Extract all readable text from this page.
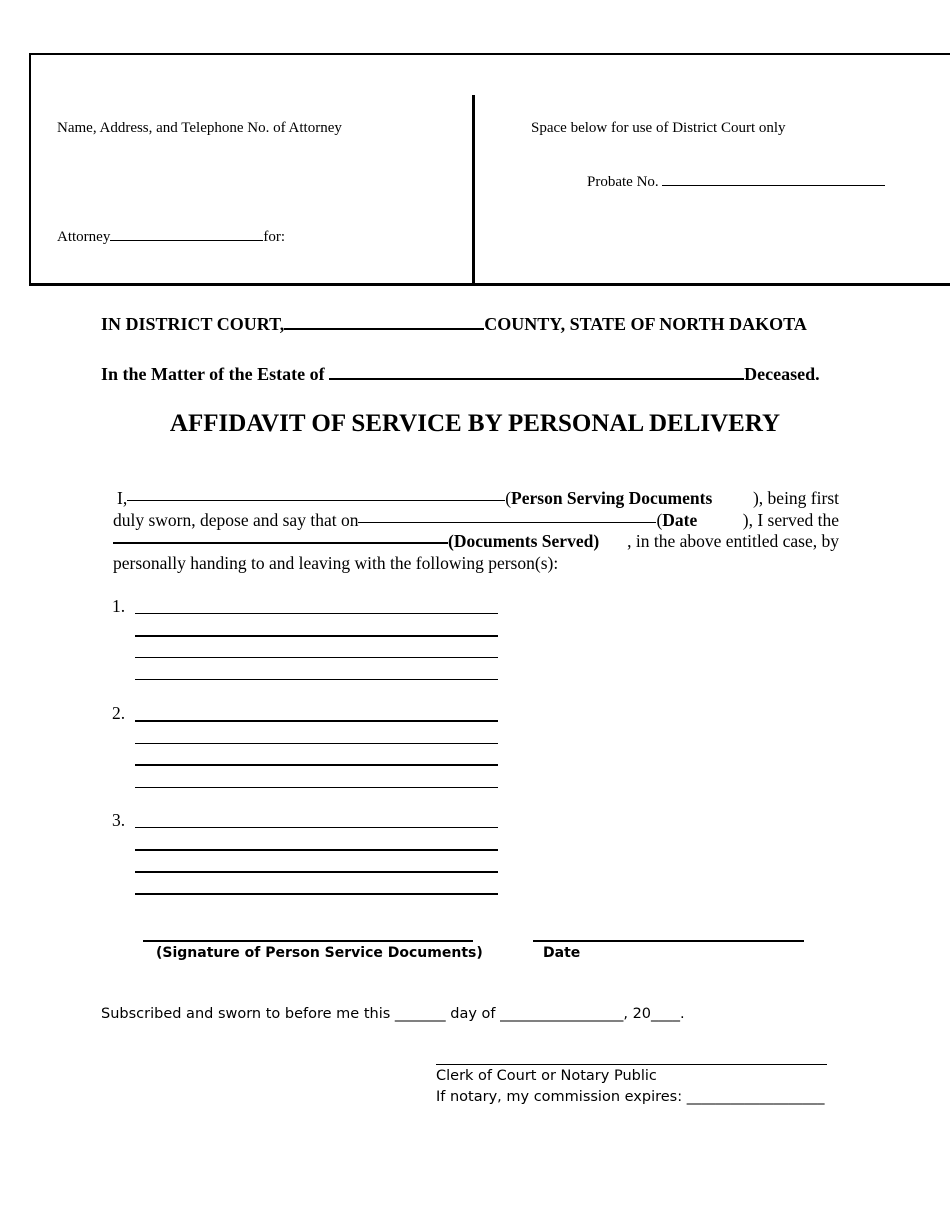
Name, Address, and Telephone No. of Attorney
Attorney	for:
Space below for use of District Court only
Probate No.
IN DISTRICT COURT,	COUNTY, STATE OF NORTH DAKOTA
In the Matter of the Estate of	Deceased.
AFFIDAVIT OF SERVICE BY PERSONAL DELIVERY
I,	(Person Serving Documents ), being first
duly sworn, depose and say that on	(Date	), I served the
(Documents Served) , in the above entitled case, by
personally handing to and leaving with the following person(s):
1.
2.
3.
(Signature of Person Service Documents)	Date
Subscribed and sworn to before me this _______ day of _________________, 20____.
Clerk of Court or Notary Public
If notary, my commission expires: ___________________
